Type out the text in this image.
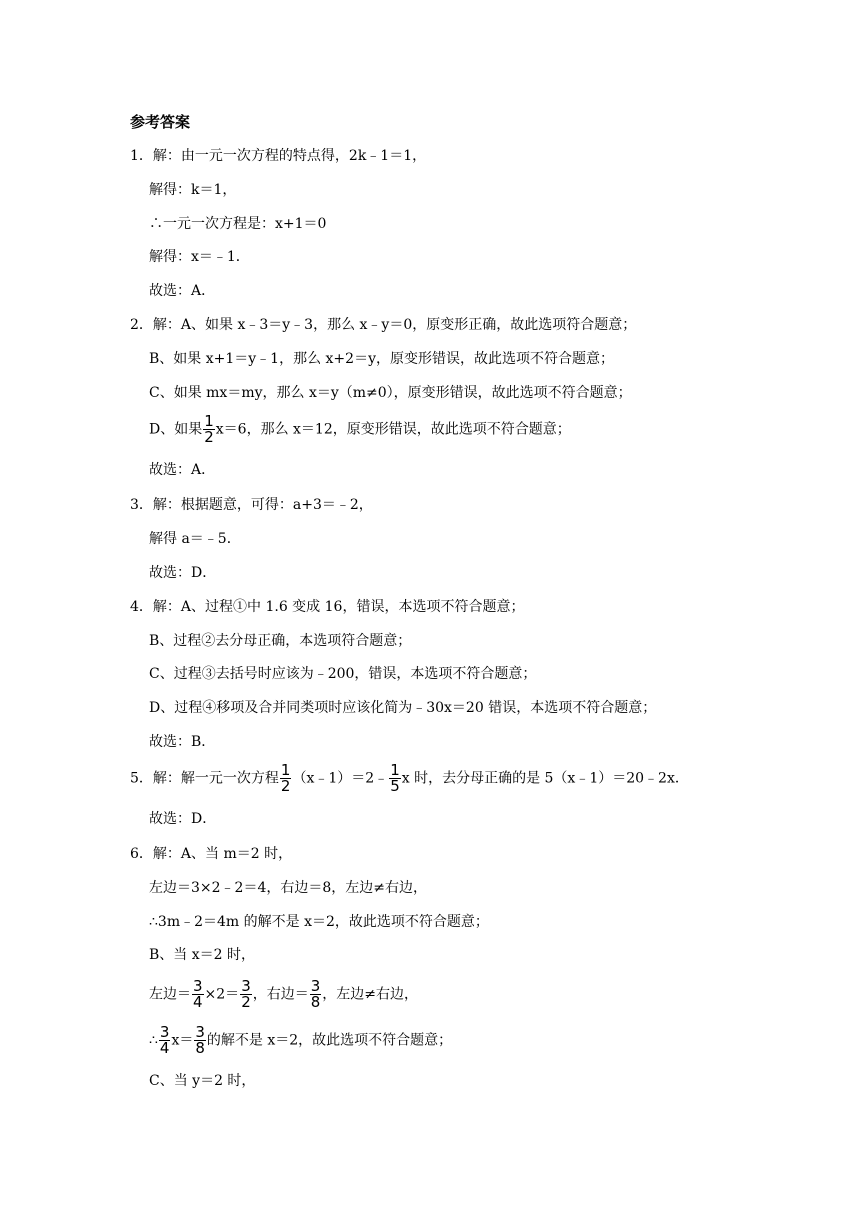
参考答案
1．解：由一元一次方程的特点得，2k﹣1＝1，
解得：k＝1，
∴一元一次方程是：x+1＝0
解得：x＝﹣1．
故选：A．
2．解：A、如果 x﹣3＝y﹣3，那么 x﹣y＝0，原变形正确，故此选项符合题意；
B、如果 x+1＝y﹣1，那么 x+2＝y，原变形错误，故此选项不符合题意；
C、如果 mx＝my，那么 x＝y（m≠0），原变形错误，故此选项不符合题意；
D、如果 $\frac{1}{2} x=6$，那么 x＝12，原变形错误，故此选项不符合题意；
故选：A．
3．解：根据题意，可得：a+3＝﹣2，
解得 a＝﹣5．
故选：D．
4．解：A、过程①中 1.6 变成 16，错误，本选项不符合题意；
B、过程②去分母正确，本选项符合题意；
C、过程③去括号时应该为﹣200，错误，本选项不符合题意；
D、过程④移项及合并同类项时应该化简为﹣30x＝20 错误，本选项不符合题意；
故选：B．
5．解：解一元一次方程 $\frac{1}{2}$ （x﹣1）＝2﹣ $\frac{1}{5}$ x 时，去分母正确的是 5（x﹣1）＝20﹣2x．
故选：D．
6．解：A、当 m＝2 时，
左边＝3×2﹣2＝4，右边＝8，左边≠右边，
∴3m﹣2＝4m 的解不是 x＝2，故此选项不符合题意；
B、当 x＝2 时，
左边＝ $\frac{3}{4} \times 2= \frac{3}{2}$ ，右边＝ $\frac{3}{8}$ ，左边≠右边，
∴ $\frac{3}{4} x= \frac{3}{8}$ 的解不是 x＝2，故此选项不符合题意；
C、当 y＝2 时，
